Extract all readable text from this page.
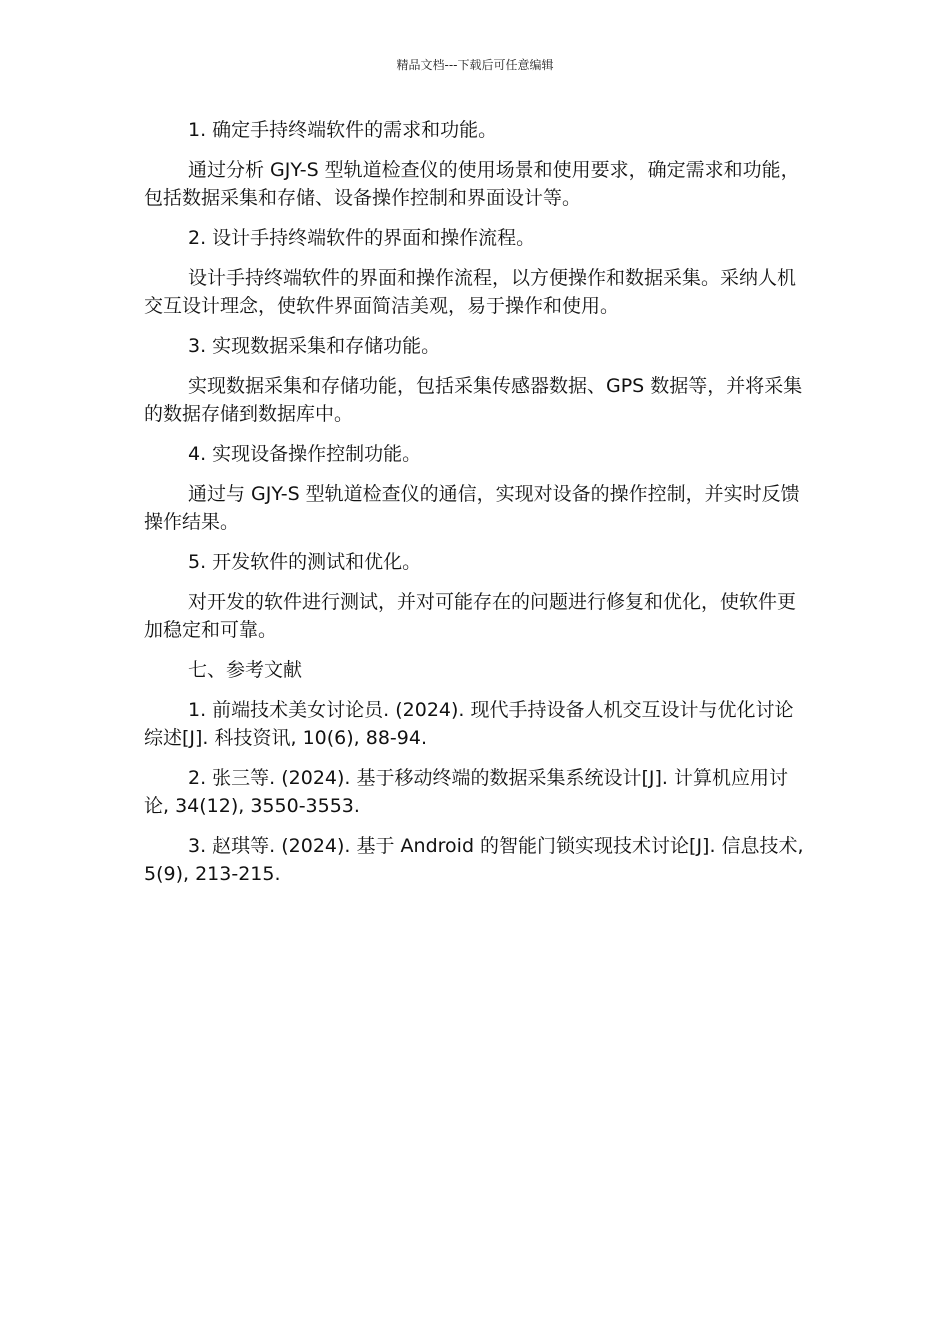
精品文档---下载后可任意编辑

1. 确定手持终端软件的需求和功能。

通过分析 GJY-S 型轨道检查仪的使用场景和使用要求，确定需求和功能，包括数据采集和存储、设备操作控制和界面设计等。

2. 设计手持终端软件的界面和操作流程。

设计手持终端软件的界面和操作流程，以方便操作和数据采集。采纳人机交互设计理念，使软件界面简洁美观，易于操作和使用。

3. 实现数据采集和存储功能。

实现数据采集和存储功能，包括采集传感器数据、GPS 数据等，并将采集的数据存储到数据库中。

4. 实现设备操作控制功能。

通过与 GJY-S 型轨道检查仪的通信，实现对设备的操作控制，并实时反馈操作结果。

5. 开发软件的测试和优化。

对开发的软件进行测试，并对可能存在的问题进行修复和优化，使软件更加稳定和可靠。

七、参考文献

1. 前端技术美女讨论员. (2024). 现代手持设备人机交互设计与优化讨论综述[J]. 科技资讯, 10(6), 88-94.

2. 张三等. (2024). 基于移动终端的数据采集系统设计[J]. 计算机应用讨论, 34(12), 3550-3553.

3. 赵琪等. (2024). 基于 Android 的智能门锁实现技术讨论[J]. 信息技术, 5(9), 213-215.
